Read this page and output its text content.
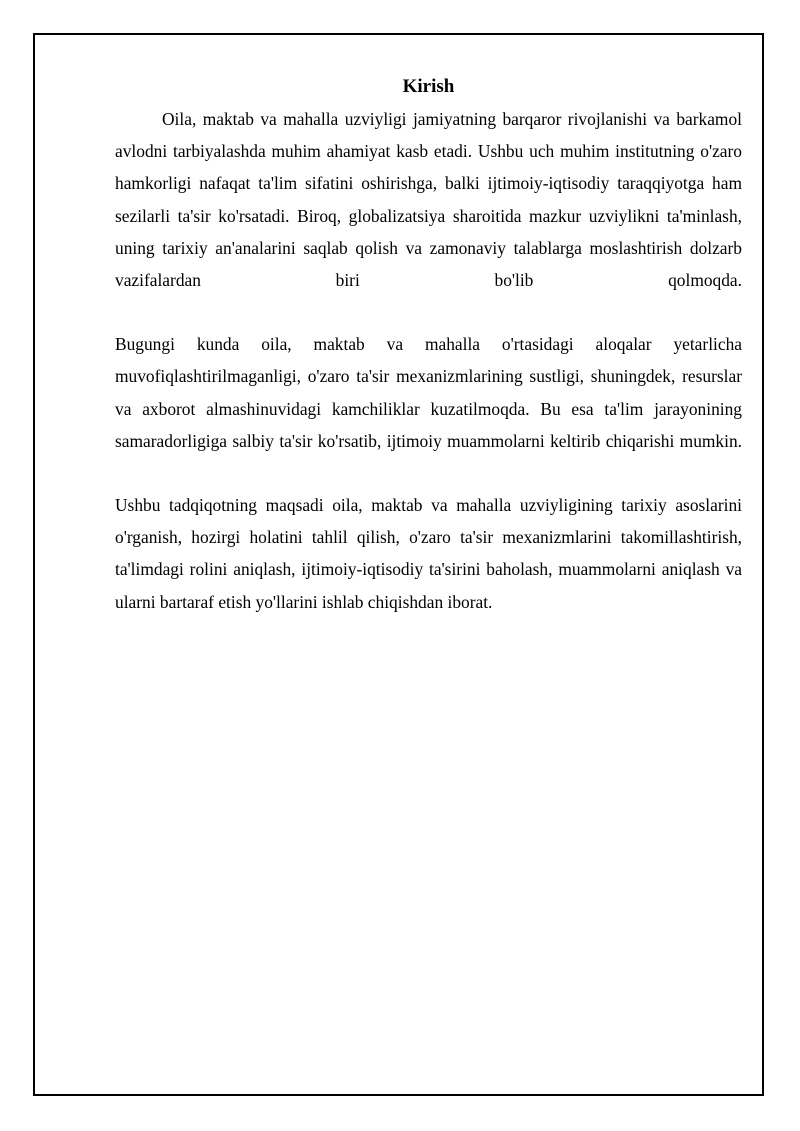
Kirish

Oila, maktab va mahalla uzviyligi jamiyatning barqaror rivojlanishi va barkamol avlodni tarbiyalashda muhim ahamiyat kasb etadi. Ushbu uch muhim institutning o'zaro hamkorligi nafaqat ta'lim sifatini oshirishga, balki ijtimoiy-iqtisodiy taraqqiyotga ham sezilarli ta'sir ko'rsatadi. Biroq, globalizatsiya sharoitida mazkur uzviylikni ta'minlash, uning tarixiy an'analarini saqlab qolish va zamonaviy talablarga moslashtirish dolzarb vazifalardan biri bo'lib qolmoqda.

Bugungi kunda oila, maktab va mahalla o'rtasidagi aloqalar yetarlicha muvofiqlashtirilmaganligi, o'zaro ta'sir mexanizmlarining sustligi, shuningdek, resurslar va axborot almashinuvidagi kamchiliklar kuzatilmoqda. Bu esa ta'lim jarayonining samaradorligiga salbiy ta'sir ko'rsatib, ijtimoiy muammolarni keltirib chiqarishi mumkin.

Ushbu tadqiqotning maqsadi oila, maktab va mahalla uzviyligining tarixiy asoslarini o'rganish, hozirgi holatini tahlil qilish, o'zaro ta'sir mexanizmlarini takomillashtirish, ta'limdagi rolini aniqlash, ijtimoiy-iqtisodiy ta'sirini baholash, muammolarni aniqlash va ularni bartaraf etish yo'llarini ishlab chiqishdan iborat.
